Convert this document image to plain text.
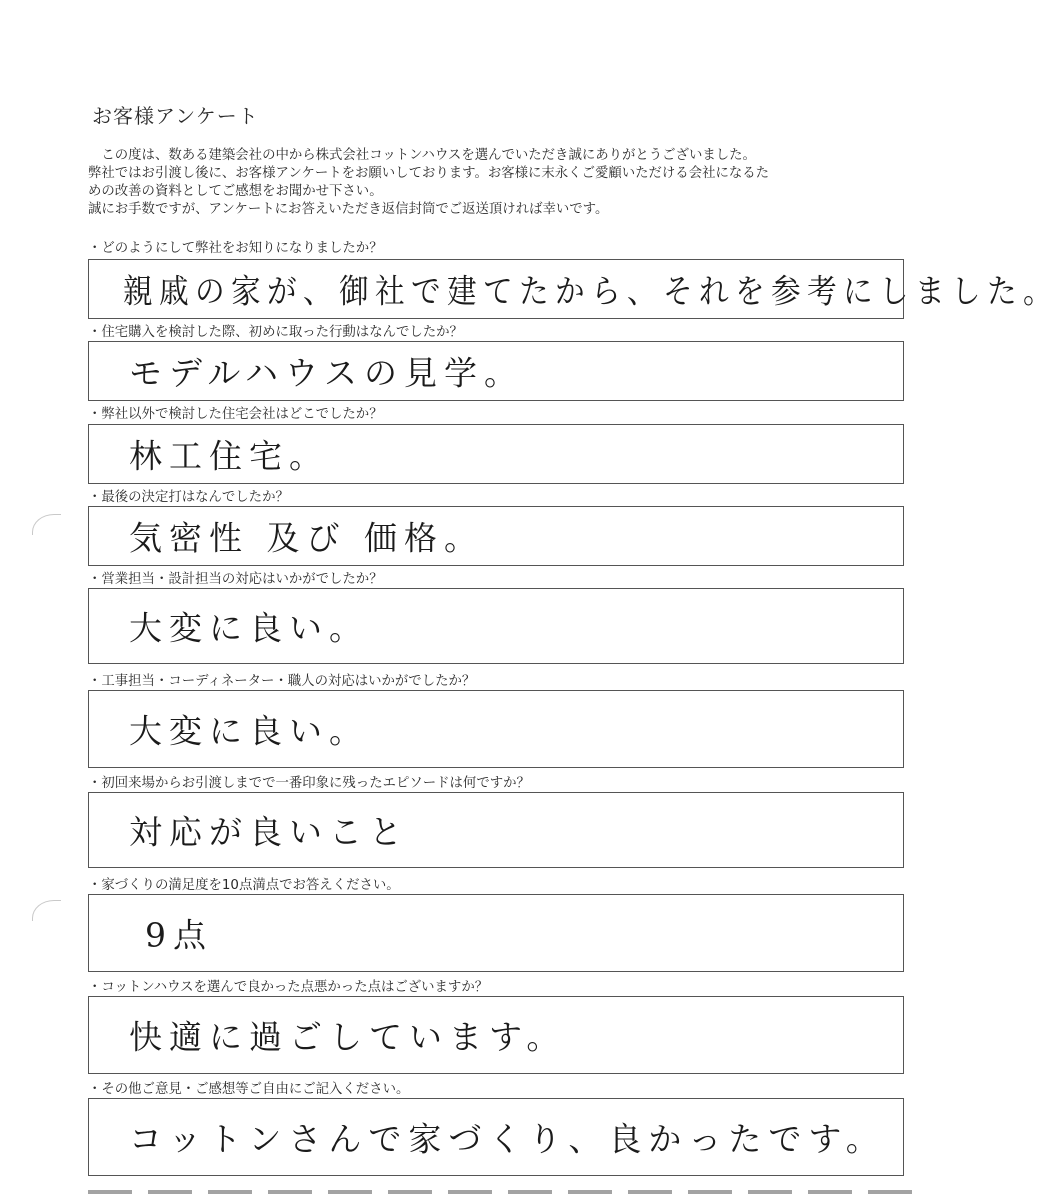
お客様アンケート
　この度は、数ある建築会社の中から株式会社コットンハウスを選んでいただき誠にありがとうございました。
弊社ではお引渡し後に、お客様アンケートをお願いしております。お客様に末永くご愛顧いただける会社になるた
めの改善の資料としてご感想をお聞かせ下さい。
誠にお手数ですが、アンケートにお答えいただき返信封筒でご返送頂ければ幸いです。
・どのようにして弊社をお知りになりましたか？
親戚の家が、御社で建てたから、それを参考にしました。
・住宅購入を検討した際、初めに取った行動はなんでしたか？
モデルハウスの見学。
・弊社以外で検討した住宅会社はどこでしたか？
林工住宅。
・最後の決定打はなんでしたか？
気密性 及び 価格。
・営業担当・設計担当の対応はいかがでしたか？
大変に良い。
・工事担当・コーディネーター・職人の対応はいかがでしたか？
大変に良い。
・初回来場からお引渡しまでで一番印象に残ったエピソードは何ですか？
対応が良いこと
・家づくりの満足度を10点満点でお答えください。
9点
・コットンハウスを選んで良かった点悪かった点はございますか？
快適に過ごしています。
・その他ご意見・ご感想等ご自由にご記入ください。
コットンさんで家づくり、良かったです。
